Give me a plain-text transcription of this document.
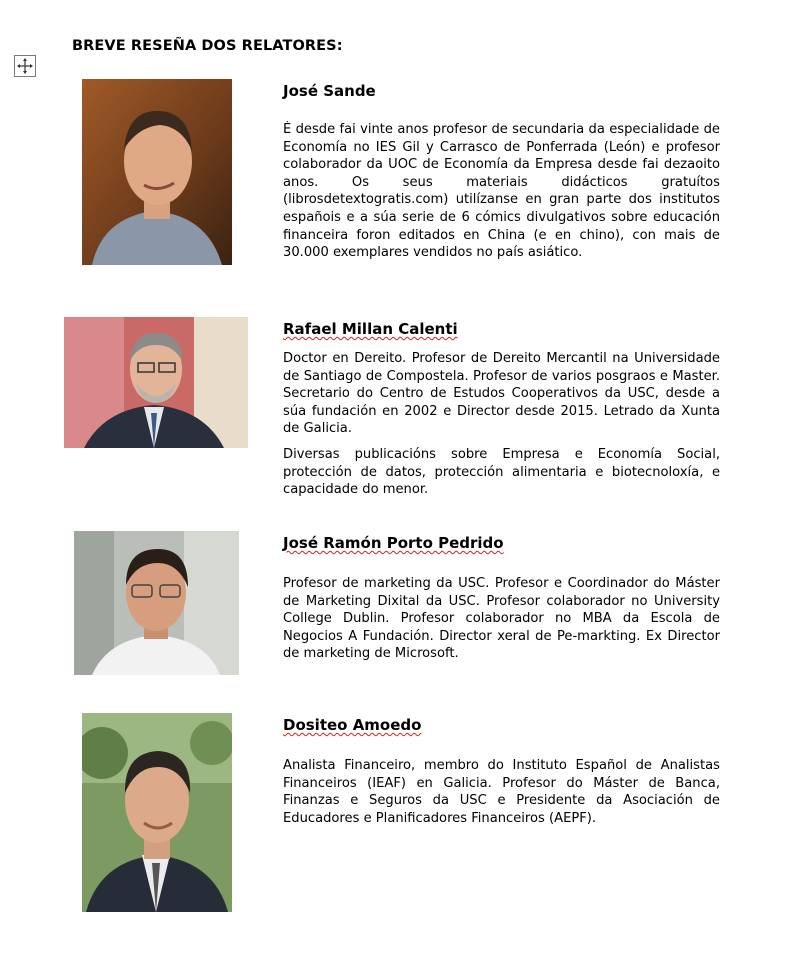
BREVE RESEÑA DOS RELATORES:
José Sande

É desde fai vinte anos profesor de secundaria da especialidade de Economía no IES Gil y Carrasco de Ponferrada (León) e profesor colaborador da UOC de Economía da Empresa desde fai dezaoito anos. Os seus materiais didácticos gratuítos (librosdetextogratis.com) utilízanse en gran parte dos institutos españois e a súa serie de 6 cómics divulgativos sobre educación financeira foron editados en China (e en chino), con mais de 30.000 exemplares vendidos no país asiático.

Rafael Millan Calenti

Doctor en Dereito. Profesor de Dereito Mercantil na Universidade de Santiago de Compostela. Profesor de varios posgraos e Master. Secretario do Centro de Estudos Cooperativos da USC, desde a súa fundación en 2002 e Director desde 2015. Letrado da Xunta de Galicia.

Diversas publicacións sobre Empresa e Economía Social, protección de datos, protección alimentaria e biotecnoloxía, e capacidade do menor.

José Ramón Porto Pedrido

Profesor de marketing da USC. Profesor e Coordinador do Máster de Marketing Dixital da USC. Profesor colaborador no University College Dublin. Profesor colaborador no MBA da Escola de Negocios A Fundación. Director xeral de Pe-markting. Ex Director de marketing de Microsoft.

Dositeo Amoedo

Analista Financeiro, membro do Instituto Español de Analistas Financeiros (IEAF) en Galicia. Profesor do Máster de Banca, Finanzas e Seguros da USC e Presidente da Asociación de Educadores e Planificadores Financeiros (AEPF).
